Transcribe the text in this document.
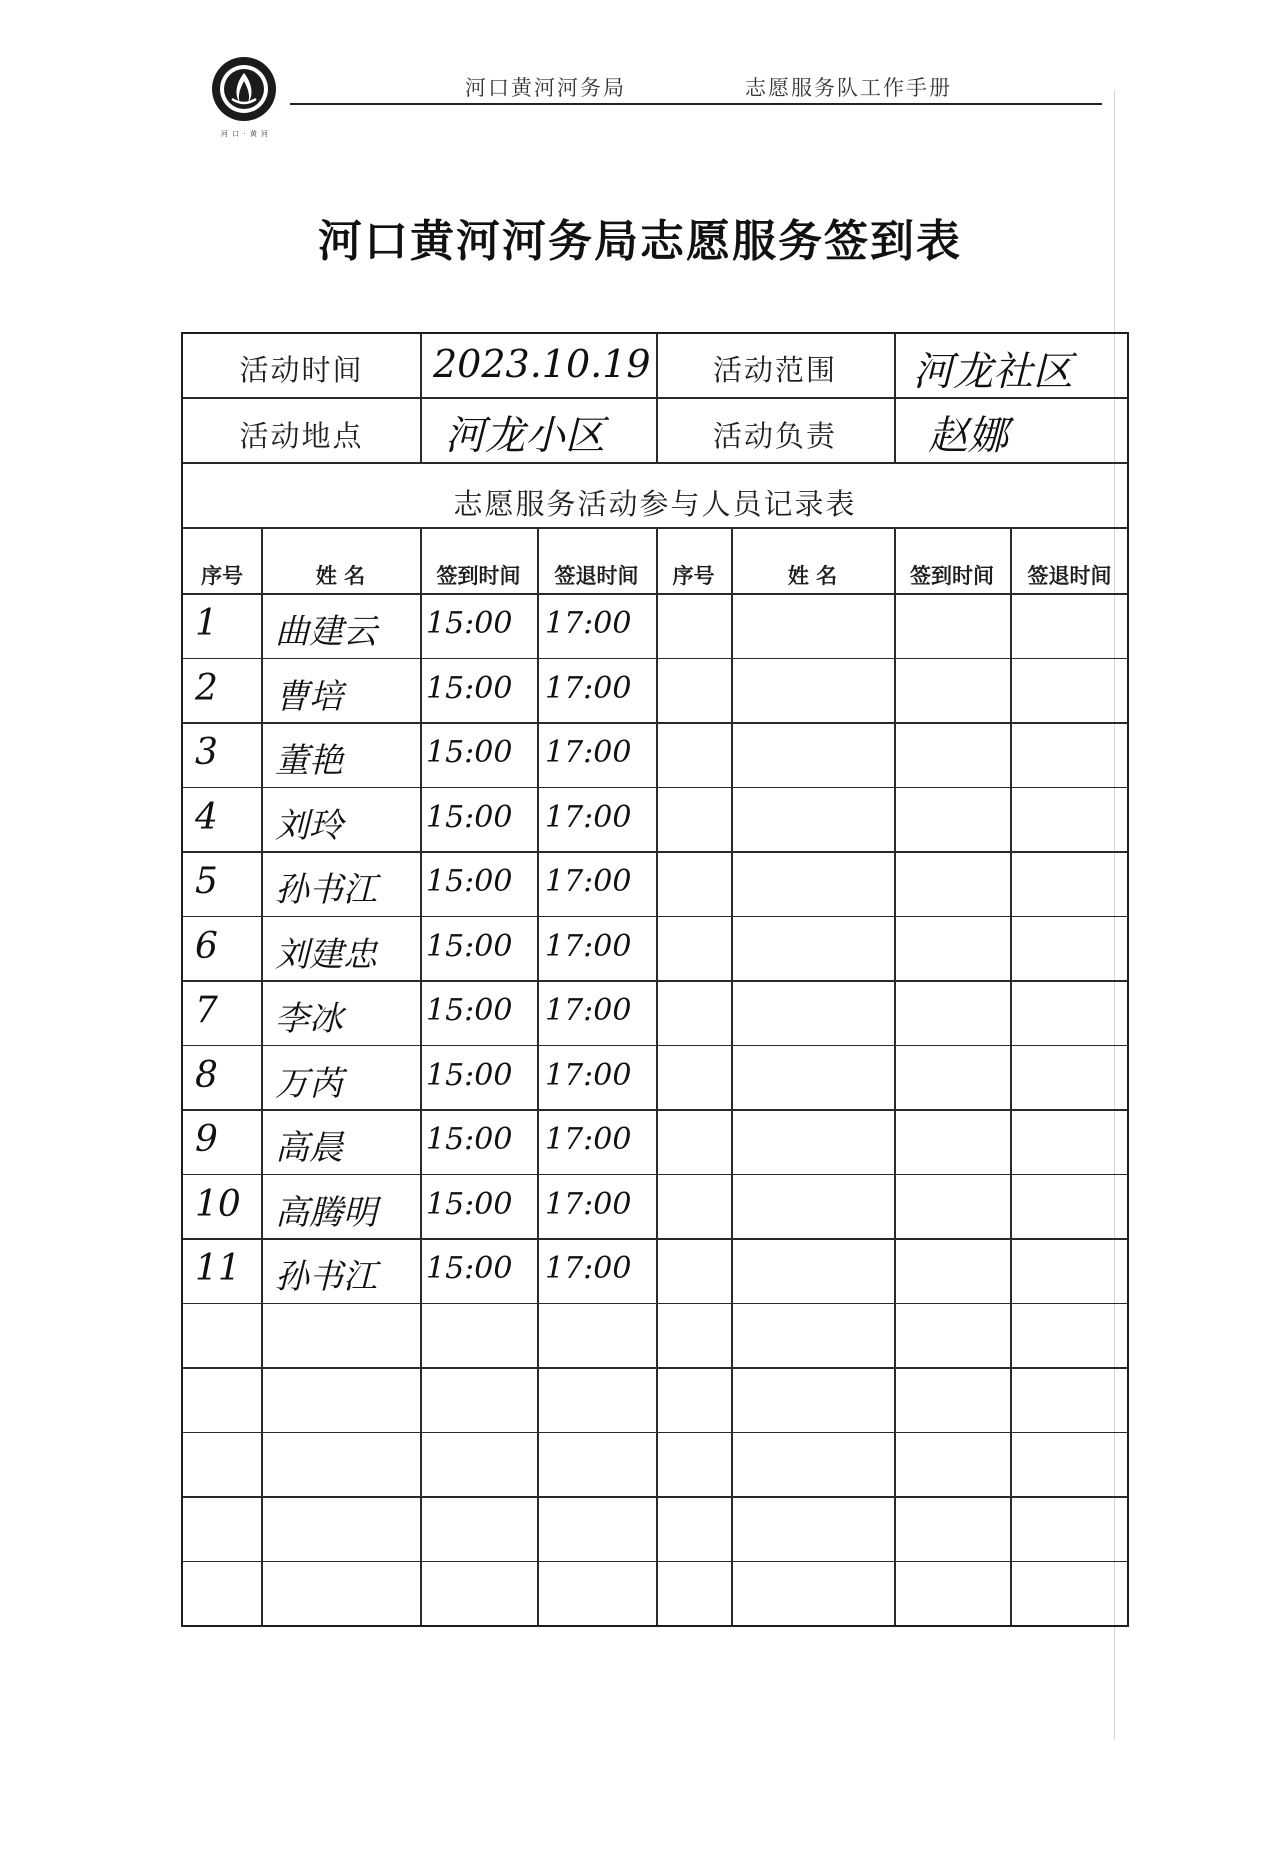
河 口 · 黄 河
河口黄河河务局	志愿服务队工作手册
河口黄河河务局志愿服务签到表
活动时间	2023.10.19	活动范围	河龙社区
活动地点	河龙小区	活动负责	赵娜
志愿服务活动参与人员记录表
序号	姓 名	签到时间	签退时间	序号	姓 名	签到时间	签退时间
1 曲建云 15:00 17:00
2 曹培	15:00 17:00
3 董艳	15:00 17:00
4 刘玲	15:00 17:00
5 孙书江 15:00 17:00
6 刘建忠 15:00 17:00
7 李冰	15:00 17:00
8 万芮	15:00 17:00
9 高晨	15:00 17:00
10 高腾明 15:00 17:00
11 孙书江 15:00 17:00
